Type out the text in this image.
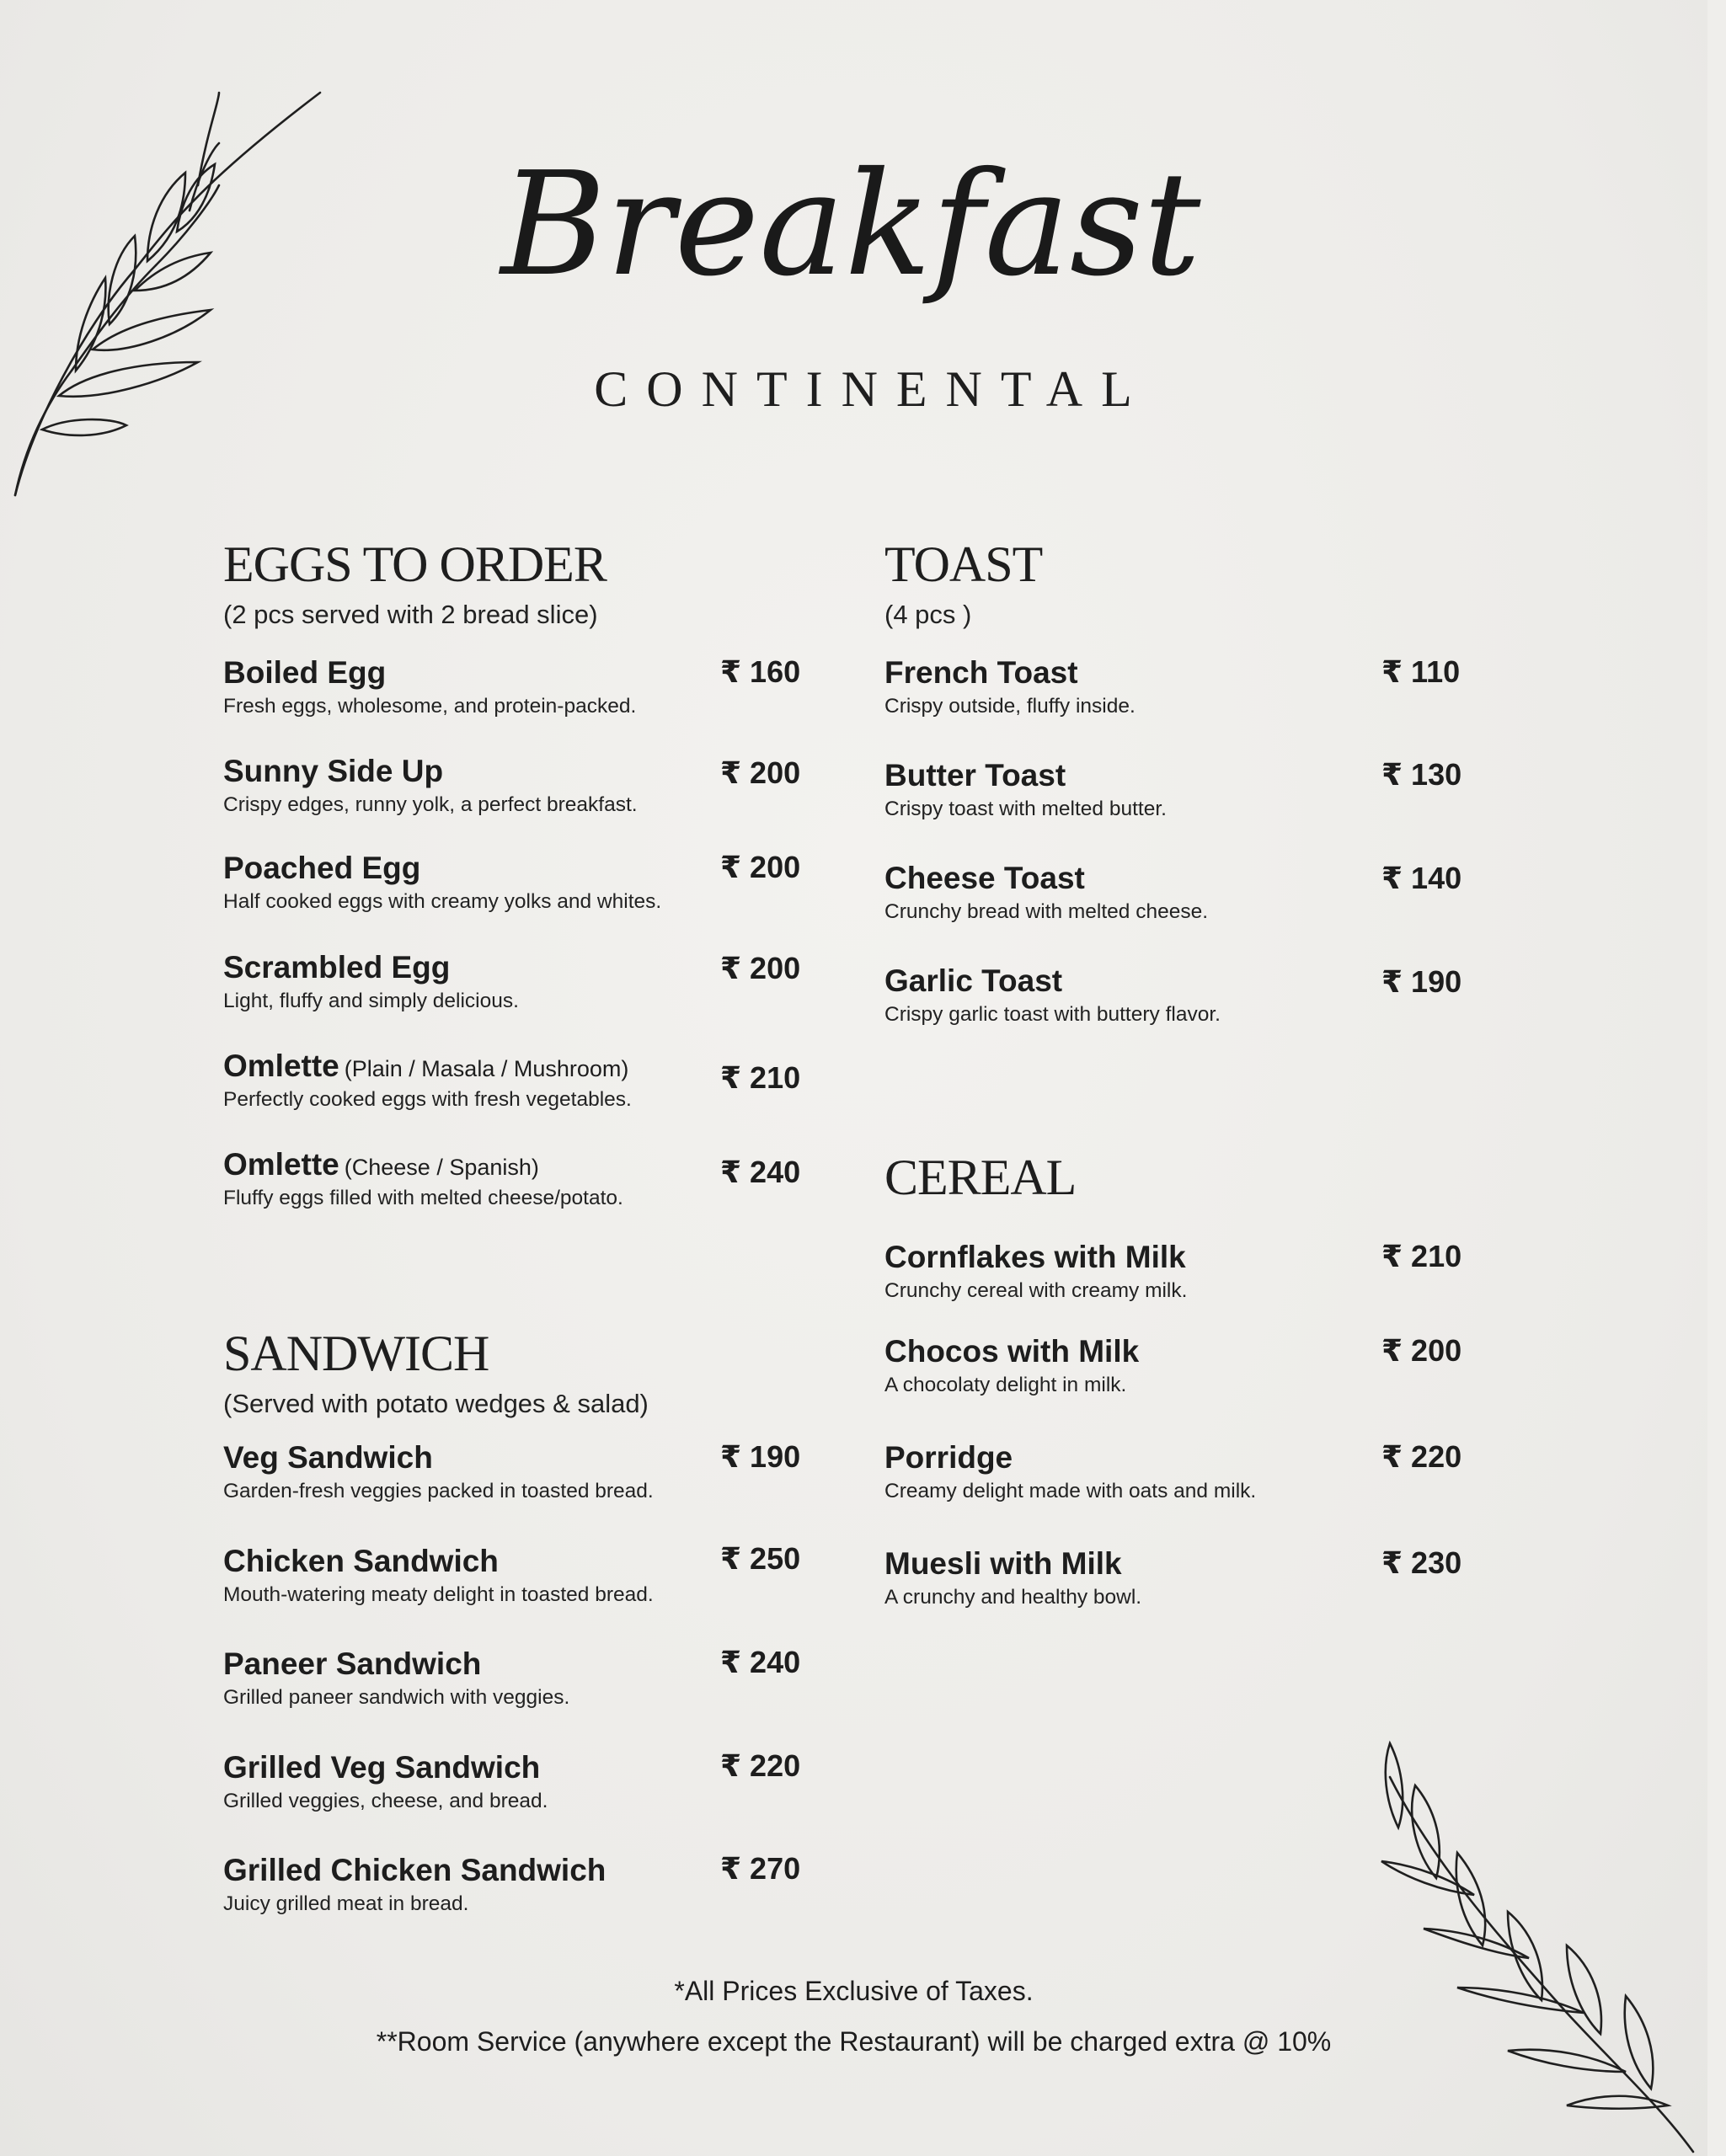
Breakfast
CONTINENTAL
EGGS TO ORDER
(2 pcs served with 2 bread slice)
Boiled Egg
Fresh eggs, wholesome, and protein-packed.
₹ 160
Sunny Side Up
Crispy edges, runny yolk, a perfect breakfast.
₹ 200
Poached Egg
Half cooked eggs with creamy yolks and whites.
₹ 200
Scrambled Egg
Light, fluffy and simply delicious.
₹ 200
Omlette (Plain / Masala / Mushroom)
Perfectly cooked eggs with fresh vegetables.
₹ 210
Omlette (Cheese / Spanish)
Fluffy eggs filled with melted cheese/potato.
₹ 240
SANDWICH
(Served with potato wedges & salad)
Veg Sandwich
Garden-fresh veggies packed in toasted bread.
₹ 190
Chicken Sandwich
Mouth-watering meaty delight in toasted bread.
₹ 250
Paneer Sandwich
Grilled paneer sandwich with veggies.
₹ 240
Grilled Veg Sandwich
Grilled veggies, cheese, and bread.
₹ 220
Grilled Chicken Sandwich
Juicy grilled meat in bread.
₹ 270
TOAST
(4 pcs )
French Toast
Crispy outside, fluffy inside.
₹ 110
Butter Toast
Crispy toast with melted butter.
₹ 130
Cheese Toast
Crunchy bread with melted cheese.
₹ 140
Garlic Toast
Crispy garlic toast with buttery flavor.
₹ 190
CEREAL
Cornflakes with Milk
Crunchy cereal with creamy milk.
₹ 210
Chocos with Milk
A chocolaty delight in milk.
₹ 200
Porridge
Creamy delight made with oats and milk.
₹ 220
Muesli with Milk
A crunchy and healthy bowl.
₹ 230
*All Prices Exclusive of Taxes.
**Room Service (anywhere except the Restaurant) will be charged extra @ 10%
